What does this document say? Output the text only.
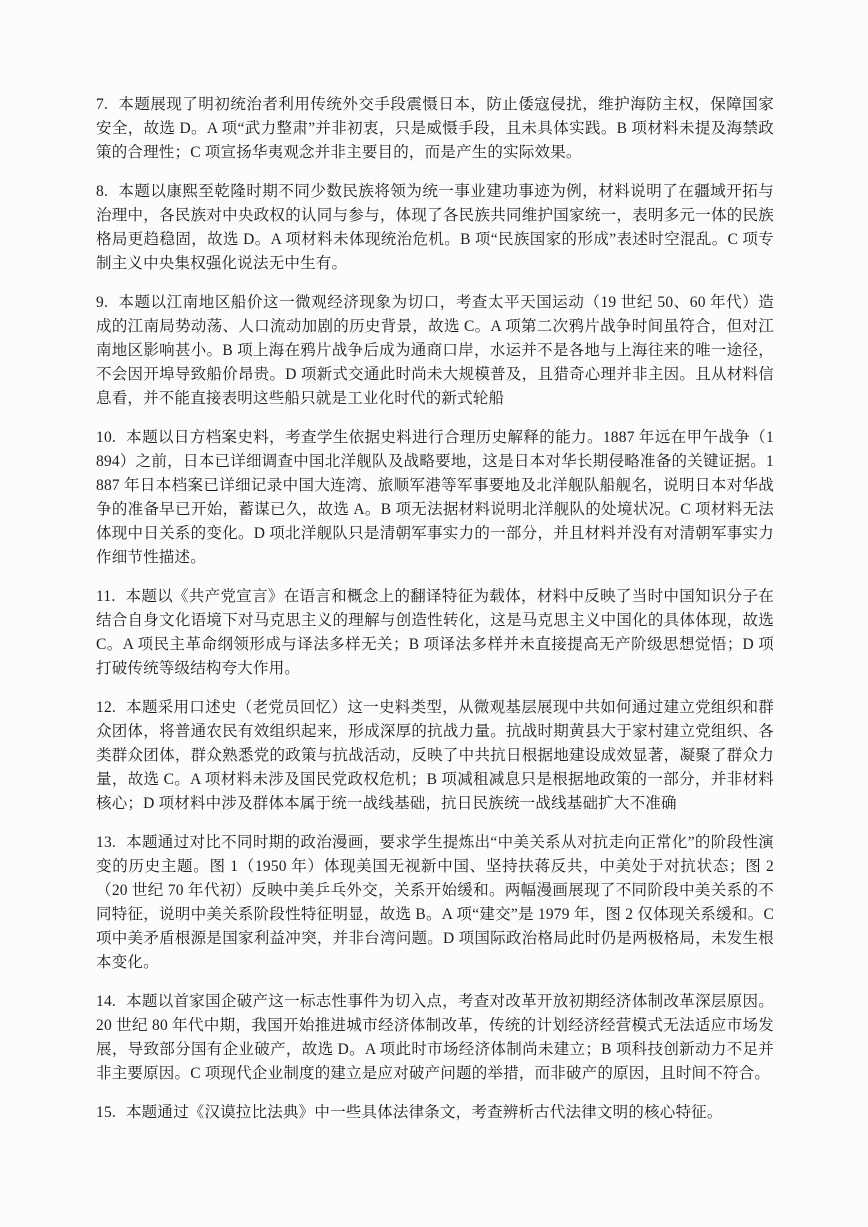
7. 本题展现了明初统治者利用传统外交手段震慑日本，防止倭寇侵扰，维护海防主权，保障国家安全，故选 D。A 项“武力整肃”并非初衷，只是威慑手段，且未具体实践。B 项材料未提及海禁政策的合理性；C 项宣扬华夷观念并非主要目的，而是产生的实际效果。

8. 本题以康熙至乾隆时期不同少数民族将领为统一事业建功事迹为例，材料说明了在疆域开拓与治理中，各民族对中央政权的认同与参与，体现了各民族共同维护国家统一，表明多元一体的民族格局更趋稳固，故选 D。A 项材料未体现统治危机。B 项“民族国家的形成”表述时空混乱。C 项专制主义中央集权强化说法无中生有。

9. 本题以江南地区船价这一微观经济现象为切口，考查太平天国运动（19 世纪 50、60 年代）造成的江南局势动荡、人口流动加剧的历史背景，故选 C。A 项第二次鸦片战争时间虽符合，但对江南地区影响甚小。B 项上海在鸦片战争后成为通商口岸，水运并不是各地与上海往来的唯一途径，不会因开埠导致船价昂贵。D 项新式交通此时尚未大规模普及，且猎奇心理并非主因。且从材料信息看，并不能直接表明这些船只就是工业化时代的新式轮船

10. 本题以日方档案史料，考查学生依据史料进行合理历史解释的能力。1887 年远在甲午战争（1894）之前，日本已详细调查中国北洋舰队及战略要地，这是日本对华长期侵略准备的关键证据。1887 年日本档案已详细记录中国大连湾、旅顺军港等军事要地及北洋舰队船舰名，说明日本对华战争的准备早已开始，蓄谋已久，故选 A。B 项无法据材料说明北洋舰队的处境状况。C 项材料无法体现中日关系的变化。D 项北洋舰队只是清朝军事实力的一部分，并且材料并没有对清朝军事实力作细节性描述。

11. 本题以《共产党宣言》在语言和概念上的翻译特征为载体，材料中反映了当时中国知识分子在结合自身文化语境下对马克思主义的理解与创造性转化，这是马克思主义中国化的具体体现，故选 C。A 项民主革命纲领形成与译法多样无关；B 项译法多样并未直接提高无产阶级思想觉悟；D 项打破传统等级结构夸大作用。

12. 本题采用口述史（老党员回忆）这一史料类型，从微观基层展现中共如何通过建立党组织和群众团体，将普通农民有效组织起来，形成深厚的抗战力量。抗战时期黄县大于家村建立党组织、各类群众团体，群众熟悉党的政策与抗战活动，反映了中共抗日根据地建设成效显著，凝聚了群众力量，故选 C。A 项材料未涉及国民党政权危机；B 项减租减息只是根据地政策的一部分，并非材料核心；D 项材料中涉及群体本属于统一战线基础，抗日民族统一战线基础扩大不准确

13. 本题通过对比不同时期的政治漫画，要求学生提炼出“中美关系从对抗走向正常化”的阶段性演变的历史主题。图 1（1950 年）体现美国无视新中国、坚持扶蒋反共，中美处于对抗状态；图 2（20 世纪 70 年代初）反映中美乒乓外交，关系开始缓和。两幅漫画展现了不同阶段中美关系的不同特征，说明中美关系阶段性特征明显，故选 B。A 项“建交”是 1979 年，图 2 仅体现关系缓和。C 项中美矛盾根源是国家利益冲突，并非台湾问题。D 项国际政治格局此时仍是两极格局，未发生根本变化。

14. 本题以首家国企破产这一标志性事件为切入点，考查对改革开放初期经济体制改革深层原因。20 世纪 80 年代中期，我国开始推进城市经济体制改革，传统的计划经济经营模式无法适应市场发展，导致部分国有企业破产，故选 D。A 项此时市场经济体制尚未建立；B 项科技创新动力不足并非主要原因。C 项现代企业制度的建立是应对破产问题的举措，而非破产的原因，且时间不符合。

15. 本题通过《汉谟拉比法典》中一些具体法律条文，考查辨析古代法律文明的核心特征。
